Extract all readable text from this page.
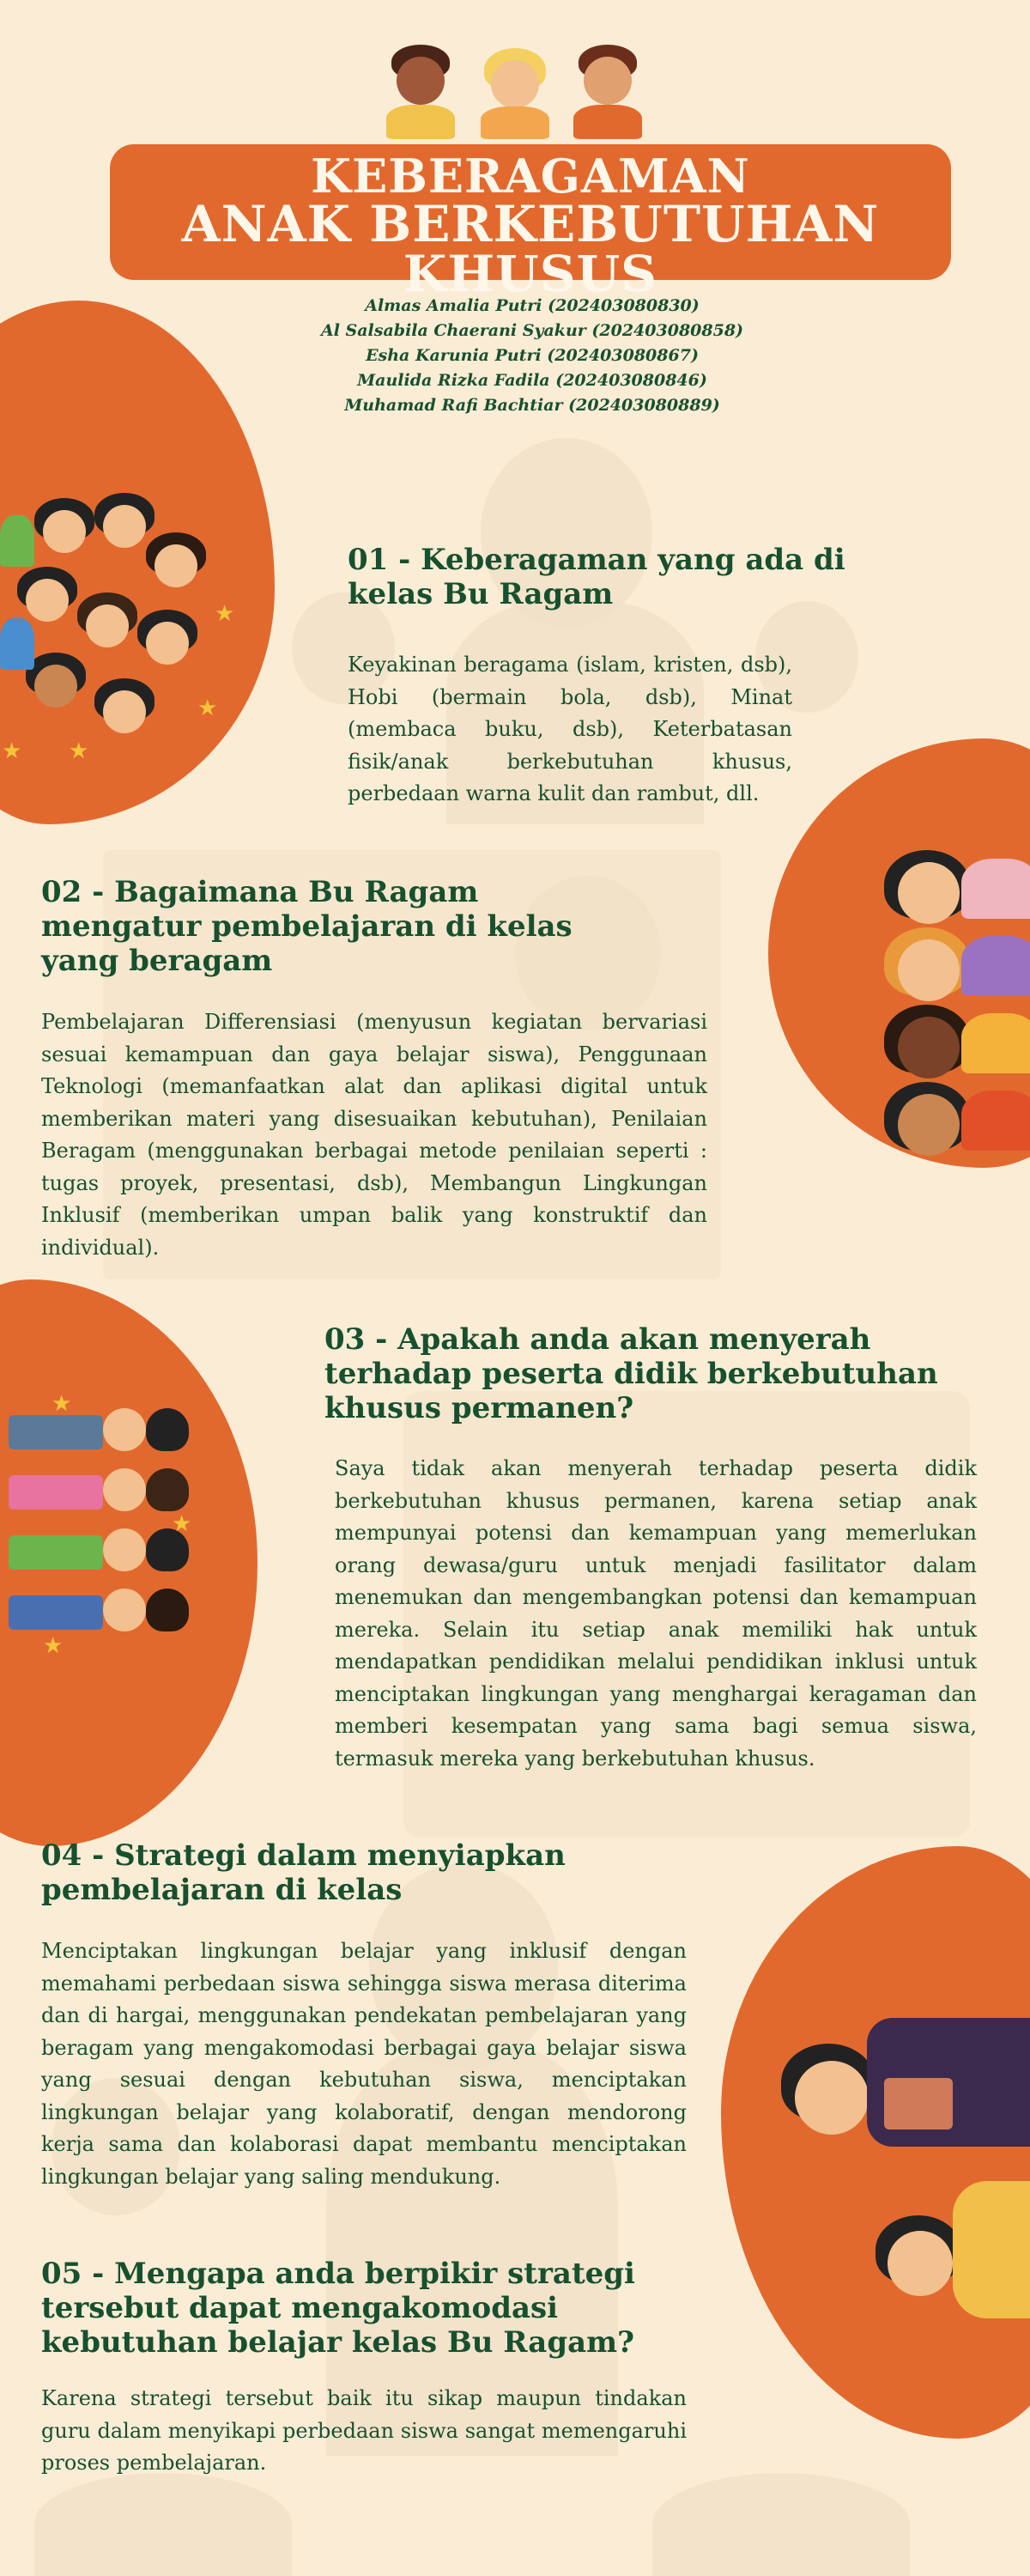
KEBERAGAMAN
ANAK BERKEBUTUHAN KHUSUS
Almas Amalia Putri (202403080830)
Al Salsabila Chaerani Syakur (202403080858)
Esha Karunia Putri (202403080867)
Maulida Rizka Fadila (202403080846)
Muhamad Rafi Bachtiar (202403080889)
★
★
★
★
★
★
★
01 - Keberagaman yang ada di
kelas Bu Ragam
Keyakinan beragama (islam, kristen, dsb), Hobi (bermain bola, dsb), Minat (membaca buku, dsb), Keterbatasan fisik/anak berkebutuhan khusus, perbedaan warna kulit dan rambut, dll.
02 - Bagaimana Bu Ragam
mengatur pembelajaran di kelas
yang beragam
Pembelajaran Differensiasi (menyusun kegiatan bervariasi sesuai kemampuan dan gaya belajar siswa), Penggunaan Teknologi (memanfaatkan alat dan aplikasi digital untuk memberikan materi yang disesuaikan kebutuhan), Penilaian Beragam (menggunakan berbagai metode penilaian seperti : tugas proyek, presentasi, dsb), Membangun Lingkungan Inklusif (memberikan umpan balik yang konstruktif dan individual).
03 - Apakah anda akan menyerah
terhadap peserta didik berkebutuhan
khusus permanen?
Saya tidak akan menyerah terhadap peserta didik berkebutuhan khusus permanen, karena setiap anak mempunyai potensi dan kemampuan yang memerlukan orang dewasa/guru untuk menjadi fasilitator dalam menemukan dan mengembangkan potensi dan kemampuan mereka. Selain itu setiap anak memiliki hak untuk mendapatkan pendidikan melalui pendidikan inklusi untuk menciptakan lingkungan yang menghargai keragaman dan memberi kesempatan yang sama bagi semua siswa, termasuk mereka yang berkebutuhan khusus.
04 - Strategi dalam menyiapkan
pembelajaran di kelas
Menciptakan lingkungan belajar yang inklusif dengan memahami perbedaan siswa sehingga siswa merasa diterima dan di hargai, menggunakan pendekatan pembelajaran yang beragam yang mengakomodasi berbagai gaya belajar siswa yang sesuai dengan kebutuhan siswa, menciptakan lingkungan belajar yang kolaboratif, dengan mendorong kerja sama dan kolaborasi dapat membantu menciptakan lingkungan belajar yang saling mendukung.
05 - Mengapa anda berpikir strategi
tersebut dapat mengakomodasi
kebutuhan belajar kelas Bu Ragam?
Karena strategi tersebut baik itu sikap maupun tindakan guru dalam menyikapi perbedaan siswa sangat memengaruhi proses pembelajaran.
